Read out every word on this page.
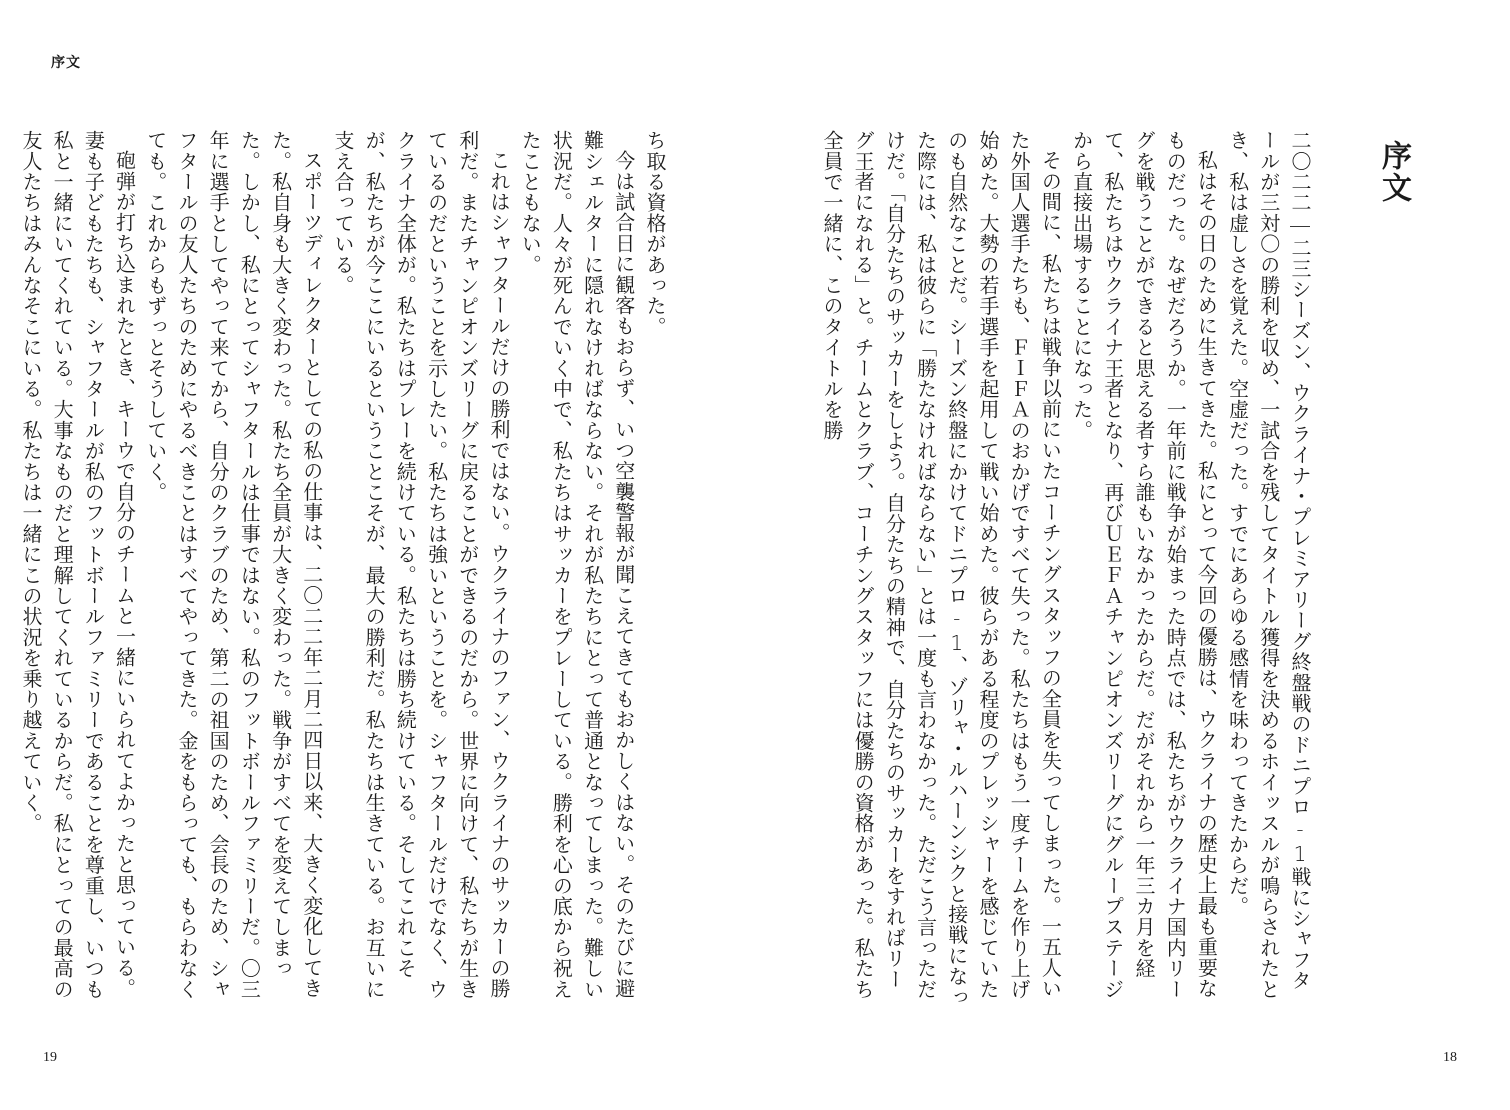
序文

ち取る資格があった。

今は試合日に観客もおらず、いつ空襲警報が聞こえてきてもおかしくはない。そのたびに避難シェルターに隠れなければならない。それが私たちにとって普通となってしまった。難しい状況だ。人々が死んでいく中で、私たちはサッカーをプレーしている。勝利を心の底から祝えたこともない。

これはシャフタールだけの勝利ではない。ウクライナのファン、ウクライナのサッカーの勝利だ。またチャンピオンズリーグに戻ることができるのだから。世界に向けて、私たちが生きているのだということを示したい。私たちは強いということを。シャフタールだけでなく、ウクライナ全体が。私たちはプレーを続けている。私たちは勝ち続けている。そしてこれこそが、私たちが今ここにいるということこそが、最大の勝利だ。私たちは生きている。お互いに支え合っている。

スポーツディレクターとしての私の仕事は、二〇二二年二月二四日以来、大きく変化してきた。私自身も大きく変わった。私たち全員が大きく変わった。戦争がすべてを変えてしまった。しかし、私にとってシャフタールは仕事ではない。私のフットボールファミリーだ。〇三年に選手としてやって来てから、自分のクラブのため、第二の祖国のため、会長のため、シャフタールの友人たちのためにやるべきことはすべてやってきた。金をもらっても、もらわなくても。これからもずっとそうしていく。

砲弾が打ち込まれたとき、キーウで自分のチームと一緒にいられてよかったと思っている。妻も子どもたちも、シャフタールが私のフットボールファミリーであることを尊重し、いつも私と一緒にいてくれている。大事なものだと理解してくれているからだ。私にとっての最高の友人たちはみんなそこにいる。私たちは一緒にこの状況を乗り越えていく。

19
序文

二〇二二―二三シーズン、ウクライナ・プレミアリーグ終盤戦のドニプロ‐1戦にシャフタールが三対〇の勝利を収め、一試合を残してタイトル獲得を決めるホイッスルが鳴らされたとき、私は虚しさを覚えた。空虚だった。すでにあらゆる感情を味わってきたからだ。

私はその日のために生きてきた。私にとって今回の優勝は、ウクライナの歴史上最も重要なものだった。なぜだろうか。一年前に戦争が始まった時点では、私たちがウクライナ国内リーグを戦うことができると思える者すら誰もいなかったからだ。だがそれから一年三カ月を経て、私たちはウクライナ王者となり、再びＵＥＦＡチャンピオンズリーグにグループステージから直接出場することになった。

その間に、私たちは戦争以前にいたコーチングスタッフの全員を失ってしまった。一五人いた外国人選手たちも、ＦＩＦＡのおかげですべて失った。私たちはもう一度チームを作り上げ始めた。大勢の若手選手を起用して戦い始めた。彼らがある程度のプレッシャーを感じていたのも自然なことだ。シーズン終盤にかけてドニプロ‐1、ゾリャ・ルハーンシクと接戦になった際には、私は彼らに「勝たなければならない」とは一度も言わなかった。ただこう言っただけだ。「自分たちのサッカーをしよう。自分たちの精神で、自分たちのサッカーをすればリーグ王者になれる」と。チームとクラブ、コーチングスタッフには優勝の資格があった。私たち全員で一緒に、このタイトルを勝

18
